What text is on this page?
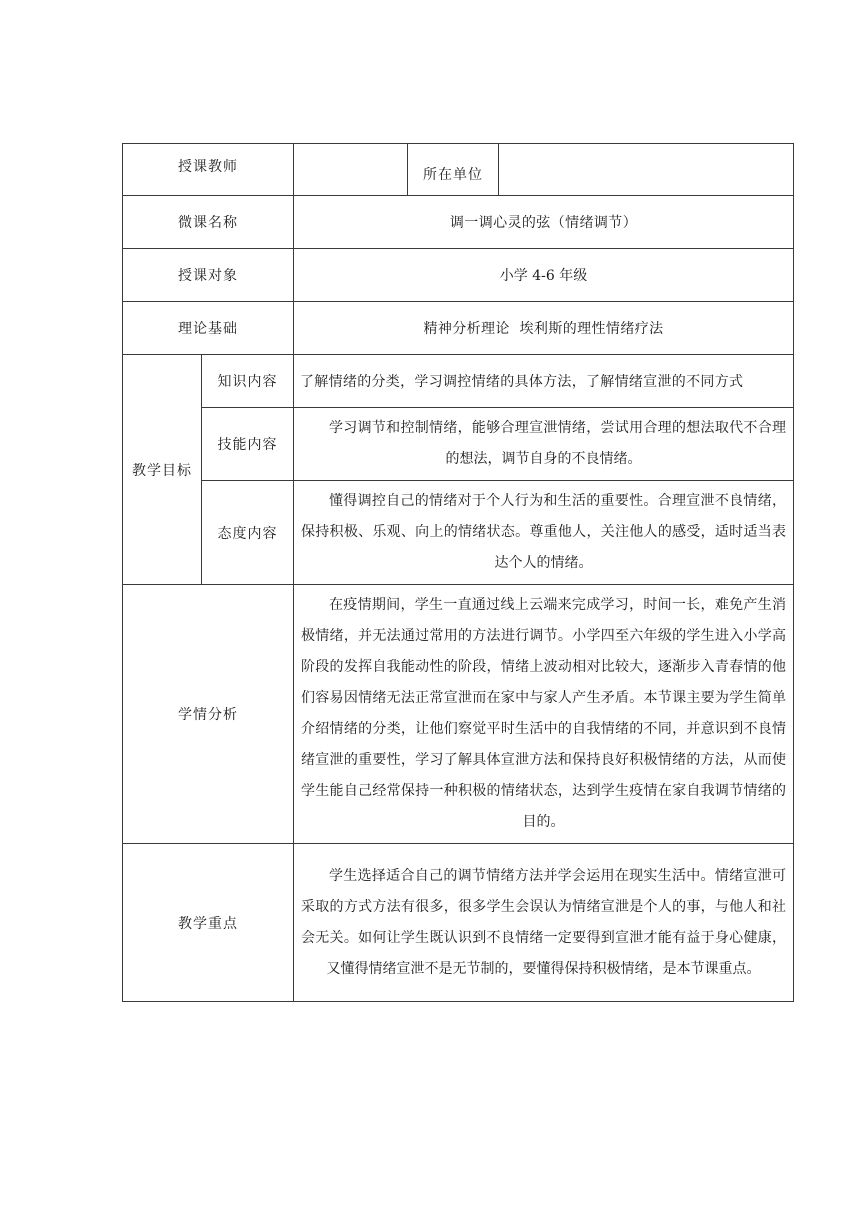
授课教师			所在单位	
微课名称		调一调心灵的弦（情绪调节）		
授课对象		小学 4-6 年级		
理论基础		精神分析理论  埃利斯的理性情绪疗法		
教学目标	知识内容	了解情绪的分类，学习调控情绪的具体方法，了解情绪宣泄的不同方式		
	技能内容	学习调节和控制情绪，能够合理宣泄情绪，尝试用合理的想法取代不合理的想法，调节自身的不良情绪。		
	态度内容	懂得调控自己的情绪对于个人行为和生活的重要性。合理宣泄不良情绪，保持积极、乐观、向上的情绪状态。尊重他人，关注他人的感受，适时适当表达个人的情绪。		
学情分析		在疫情期间，学生一直通过线上云端来完成学习，时间一长，难免产生消极情绪，并无法通过常用的方法进行调节。小学四至六年级的学生进入小学高阶段的发挥自我能动性的阶段，情绪上波动相对比较大，逐渐步入青春情的他们容易因情绪无法正常宣泄而在家中与家人产生矛盾。本节课主要为学生简单介绍情绪的分类，让他们察觉平时生活中的自我情绪的不同，并意识到不良情绪宣泄的重要性，学习了解具体宣泄方法和保持良好积极情绪的方法，从而使学生能自己经常保持一种积极的情绪状态，达到学生疫情在家自我调节情绪的目的。		
教学重点		学生选择适合自己的调节情绪方法并学会运用在现实生活中。情绪宣泄可采取的方式方法有很多，很多学生会误认为情绪宣泄是个人的事，与他人和社会无关。如何让学生既认识到不良情绪一定要得到宣泄才能有益于身心健康，又懂得情绪宣泄不是无节制的，要懂得保持积极情绪，是本节课重点。		
